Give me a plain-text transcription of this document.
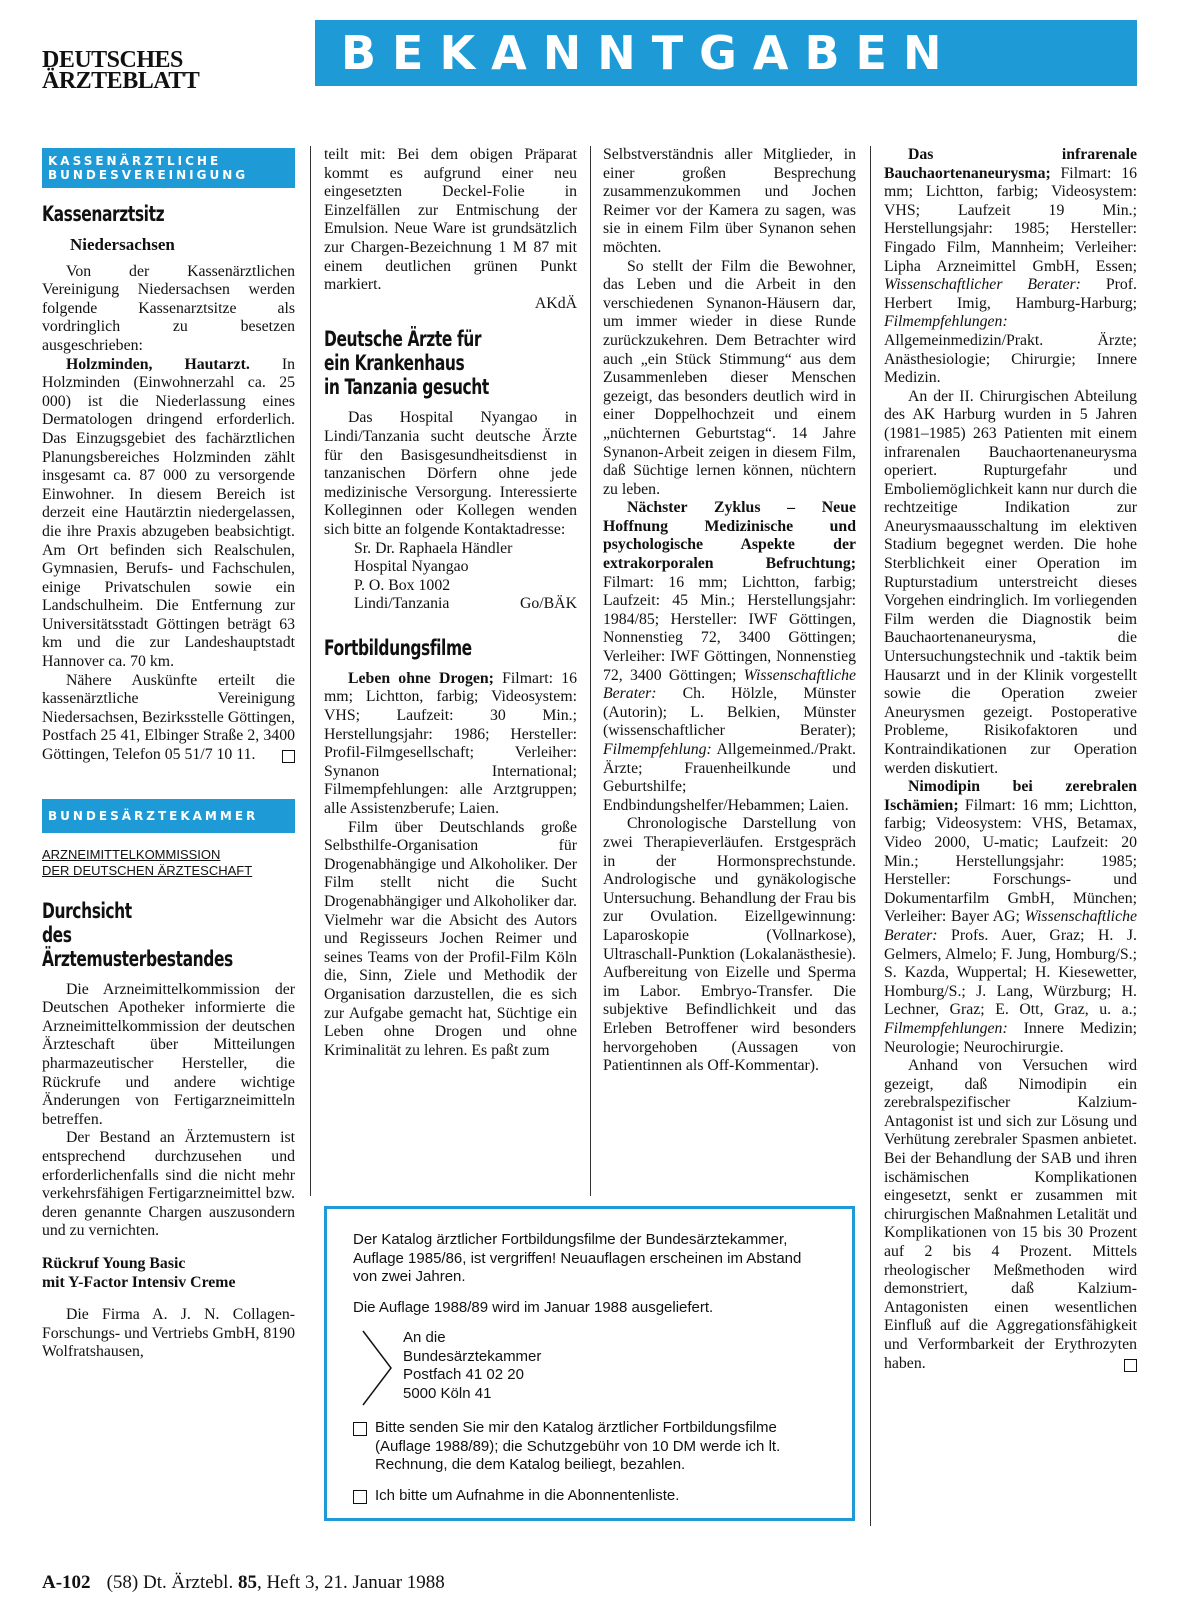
DEUTSCHES
ÄRZTEBLATT
BEKANNTGABEN
KASSENÄRZTLICHE
BUNDESVEREINIGUNG
Kassenarztsitz
Niedersachsen

Von der Kassenärztlichen Vereinigung Niedersachsen werden folgende Kassenarztsitze als vordringlich zu besetzen ausgeschrieben:

Holzminden, Hautarzt. In Holzminden (Einwohnerzahl ca. 25 000) ist die Niederlassung eines Dermatologen dringend erforderlich. Das Einzugsgebiet des fachärztlichen Planungsbereiches Holzminden zählt insgesamt ca. 87 000 zu versorgende Einwohner. In diesem Bereich ist derzeit eine Hautärztin niedergelassen, die ihre Praxis abzugeben beabsichtigt. Am Ort befinden sich Realschulen, Gymnasien, Berufs- und Fachschulen, einige Privatschulen sowie ein Landschulheim. Die Entfernung zur Universitätsstadt Göttingen beträgt 63 km und die zur Landeshauptstadt Hannover ca. 70 km.

Nähere Auskünfte erteilt die kassenärztliche Vereinigung Niedersachsen, Bezirksstelle Göttingen, Postfach 25 41, Elbinger Straße 2, 3400 Göttingen, Telefon 05 51/7 10 11.

BUNDESÄRZTEKAMMER
ARZNEIMITTELKOMMISSION
DER DEUTSCHEN ÄRZTESCHAFT
Durchsicht
des Ärztemusterbestandes

Die Arzneimittelkommission der Deutschen Apotheker informierte die Arzneimittelkommission der deutschen Ärzteschaft über Mitteilungen pharmazeutischer Hersteller, die Rückrufe und andere wichtige Änderungen von Fertigarzneimitteln betreffen.

Der Bestand an Ärztemustern ist entsprechend durchzusehen und erforderlichenfalls sind die nicht mehr verkehrsfähigen Fertigarzneimittel bzw. deren genannte Chargen auszusondern und zu vernichten.

Rückruf Young Basic
mit Y-Factor Intensiv Creme

Die Firma A. J. N. Collagen-Forschungs- und Vertriebs GmbH, 8190 Wolfratshausen,

teilt mit: Bei dem obigen Präparat kommt es aufgrund einer neu eingesetzten Deckel-Folie in Einzelfällen zur Entmischung der Emulsion. Neue Ware ist grundsätzlich zur Chargen-Bezeichnung 1 M 87 mit einem deutlichen grünen Punkt markiert.

AKdÄ
Deutsche Ärzte für
ein Krankenhaus
in Tanzania gesucht

Das Hospital Nyangao in Lindi/Tanzania sucht deutsche Ärzte für den Basisgesundheitsdienst in tanzanischen Dörfern ohne jede medizinische Versorgung. Interessierte Kolleginnen oder Kollegen wenden sich bitte an folgende Kontaktadresse:

Sr. Dr. Raphaela Händler

Hospital Nyangao

P. O. Box 1002

Lindi/Tanzania	Go/BÄK

Fortbildungsfilme

Leben ohne Drogen; Filmart: 16 mm; Lichtton, farbig; Videosystem: VHS; Laufzeit: 30 Min.; Herstellungsjahr: 1986; Hersteller: Profil-Filmgesellschaft; Verleiher: Synanon International; Filmempfehlungen: alle Arztgruppen; alle Assistenzberufe; Laien.

Film über Deutschlands große Selbsthilfe-Organisation für Drogenabhängige und Alkoholiker. Der Film stellt nicht die Sucht Drogenabhängiger und Alkoholiker dar. Vielmehr war die Absicht des Autors und Regisseurs Jochen Reimer und seines Teams von der Profil-Film Köln die, Sinn, Ziele und Methodik der Organisation darzustellen, die es sich zur Aufgabe gemacht hat, Süchtige ein Leben ohne Drogen und ohne Kriminalität zu lehren. Es paßt zum

Selbstverständnis aller Mitglieder, in einer großen Besprechung zusammenzukommen und Jochen Reimer vor der Kamera zu sagen, was sie in einem Film über Synanon sehen möchten.

So stellt der Film die Bewohner, das Leben und die Arbeit in den verschiedenen Synanon-Häusern dar, um immer wieder in diese Runde zurückzukehren. Dem Betrachter wird auch „ein Stück Stimmung“ aus dem Zusammenleben dieser Menschen gezeigt, das besonders deutlich wird in einer Doppelhochzeit und einem „nüchternen Geburtstag“. 14 Jahre Synanon-Arbeit zeigen in diesem Film, daß Süchtige lernen können, nüchtern zu leben.

Nächster Zyklus – Neue Hoffnung Medizinische und psychologische Aspekte der extrakorporalen Befruchtung; Filmart: 16 mm; Lichtton, farbig; Laufzeit: 45 Min.; Herstellungsjahr: 1984/85; Hersteller: IWF Göttingen, Nonnenstieg 72, 3400 Göttingen; Verleiher: IWF Göttingen, Nonnenstieg 72, 3400 Göttingen; Wissenschaftliche Berater: Ch. Hölzle, Münster (Autorin); L. Belkien, Münster (wissenschaftlicher Berater); Filmempfehlung: Allgemeinmed./Prakt. Ärzte; Frauenheilkunde und Geburtshilfe; Endbindungshelfer/Hebammen; Laien.

Chronologische Darstellung von zwei Therapieverläufen. Erstgespräch in der Hormonsprechstunde. Andrologische und gynäkologische Untersuchung. Behandlung der Frau bis zur Ovulation. Eizellgewinnung: Laparoskopie (Vollnarkose), Ultraschall-Punktion (Lokalanästhesie). Aufbereitung von Eizelle und Sperma im Labor. Embryo-Transfer. Die subjektive Befindlichkeit und das Erleben Betroffener wird besonders hervorgehoben (Aussagen von Patientinnen als Off-Kommentar).

Das infrarenale Bauchaortenaneurysma; Filmart: 16 mm; Lichtton, farbig; Videosystem: VHS; Laufzeit 19 Min.; Herstellungsjahr: 1985; Hersteller: Fingado Film, Mannheim; Verleiher: Lipha Arzneimittel GmbH, Essen; Wissenschaftlicher Berater: Prof. Herbert Imig, Hamburg-Harburg; Filmempfehlungen: Allgemeinmedizin/Prakt. Ärzte; Anästhesiologie; Chirurgie; Innere Medizin.

An der II. Chirurgischen Abteilung des AK Harburg wurden in 5 Jahren (1981–1985) 263 Patienten mit einem infrarenalen Bauchaortenaneurysma operiert. Rupturgefahr und Emboliemöglichkeit kann nur durch die rechtzeitige Indikation zur Aneurysmaausschaltung im elektiven Stadium begegnet werden. Die hohe Sterblichkeit einer Operation im Rupturstadium unterstreicht dieses Vorgehen eindringlich. Im vorliegenden Film werden die Diagnostik beim Bauchaortenaneurysma, die Untersuchungstechnik und -taktik beim Hausarzt und in der Klinik vorgestellt sowie die Operation zweier Aneurysmen gezeigt. Postoperative Probleme, Risikofaktoren und Kontraindikationen zur Operation werden diskutiert.

Nimodipin bei zerebralen Ischämien; Filmart: 16 mm; Lichtton, farbig; Videosystem: VHS, Betamax, Video 2000, U-matic; Laufzeit: 20 Min.; Herstellungsjahr: 1985; Hersteller: Forschungs- und Dokumentarfilm GmbH, München; Verleiher: Bayer AG; Wissenschaftliche Berater: Profs. Auer, Graz; H. J. Gelmers, Almelo; F. Jung, Homburg/S.; S. Kazda, Wuppertal; H. Kiesewetter, Homburg/S.; J. Lang, Würzburg; H. Lechner, Graz; E. Ott, Graz, u. a.; Filmempfehlungen: Innere Medizin; Neurologie; Neurochirurgie.

Anhand von Versuchen wird gezeigt, daß Nimodipin ein zerebralspezifischer Kalzium-Antagonist ist und sich zur Lösung und Verhütung zerebraler Spasmen anbietet. Bei der Behandlung der SAB und ihren ischämischen Komplikationen eingesetzt, senkt er zusammen mit chirurgischen Maßnahmen Letalität und Komplikationen von 15 bis 30 Prozent auf 2 bis 4 Prozent. Mittels rheologischer Meßmethoden wird demonstriert, daß Kalzium-Antagonisten einen wesentlichen Einfluß auf die Aggregationsfähigkeit und Verformbarkeit der Erythrozyten haben.

Der Katalog ärztlicher Fortbildungsfilme der Bundesärztekammer, Auflage 1985/86, ist vergriffen! Neuauflagen erscheinen im Abstand von zwei Jahren.

Die Auflage 1988/89 wird im Januar 1988 ausgeliefert.

An die
Bundesärztekammer
Postfach 41 02 20
5000 Köln 41
Bitte senden Sie mir den Katalog ärztlicher Fortbildungsfilme (Auflage 1988/89); die Schutzgebühr von 10 DM werde ich lt. Rechnung, die dem Katalog beiliegt, bezahlen.
Ich bitte um Aufnahme in die Abonnentenliste.
A-102 (58) Dt. Ärztebl. 85, Heft 3, 21. Januar 1988
